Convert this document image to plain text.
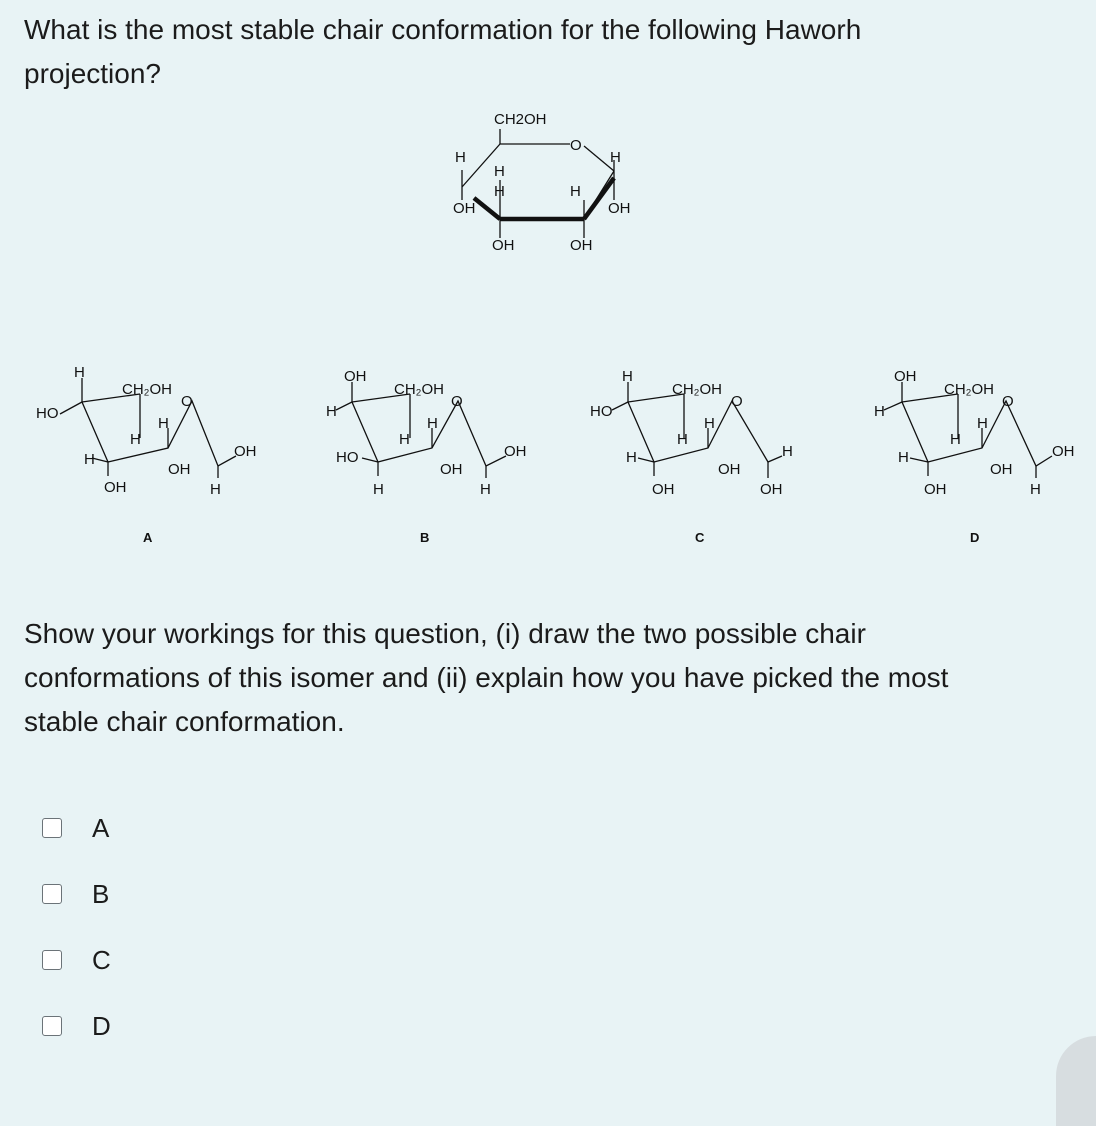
What is the most stable chair conformation for the following Haworh
projection?

CH2OH
O
H	H
OH
OH
H
H
OH
H
OH
H
HO
CH₂OH
O
H
H
H
OH
OH
OH
H
A
OH
H
CH₂OH
O
H
H
HO
H
OH
OH
H
B
H
HO
CH₂OH
O
H
H
H
OH
OH
H
OH
C
OH
H
CH₂OH
O
H
H
H
OH
OH
OH
H
D

Show your workings for this question, (i) draw the two possible chair
conformations of this isomer and (ii) explain how you have picked the most
stable chair conformation.

A
B
C
D
